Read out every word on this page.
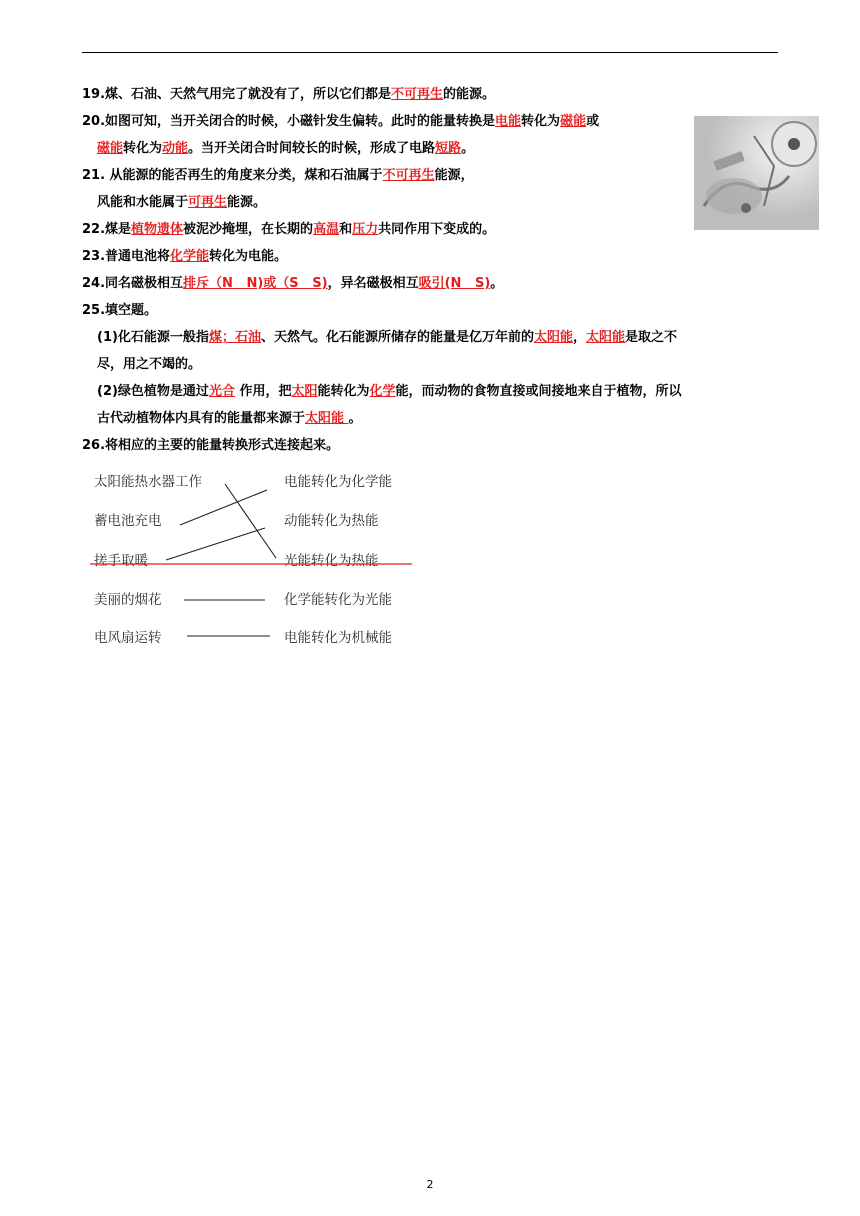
19.煤、石油、天然气用完了就没有了，所以它们都是不可再生的能源。
20.如图可知，当开关闭合的时候，小磁针发生偏转。此时的能量转换是电能转化为磁能或
磁能转化为动能。当开关闭合时间较长的时候，形成了电路短路。
21. 从能源的能否再生的角度来分类，煤和石油属于不可再生能源，
风能和水能属于可再生能源。
22.煤是植物遗体被泥沙掩埋，在长期的高温和压力共同作用下变成的。
23.普通电池将化学能转化为电能。
24.同名磁极相互排斥（N   N)或（S   S)，异名磁极相互吸引(N   S)。
25.填空题。
(1)化石能源一般指煤；石油、天然气。化石能源所储存的能量是亿万年前的太阳能，太阳能是取之不
尽，用之不竭的。
(2)绿色植物是通过光合 作用，把太阳能转化为化学能，而动物的食物直接或间接地来自于植物，所以
古代动植物体内具有的能量都来源于太阳能 。
26.将相应的主要的能量转换形式连接起来。
太阳能热水器工作
蓄电池充电
搓手取暖
美丽的烟花
电风扇运转
电能转化为化学能
动能转化为热能
光能转化为热能
化学能转化为光能
电能转化为机械能
2
